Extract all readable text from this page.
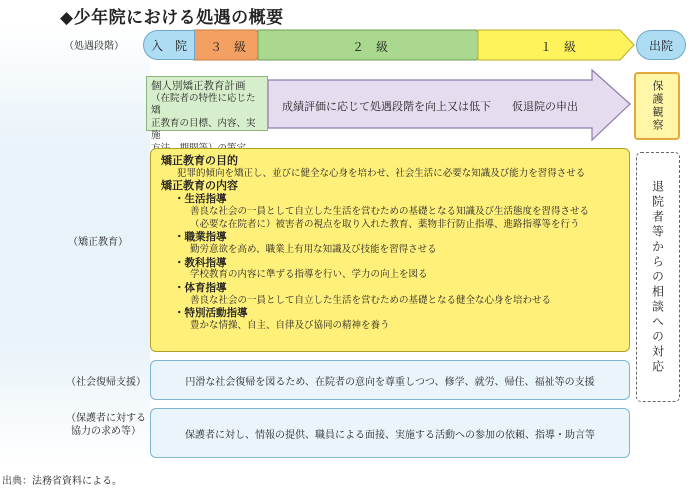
◆少年院における処遇の概要
（処遇段階）
（矯正教育）
（社会復帰支援）
（保護者に対する
協力の求め等）
入　院	３　級	２　級	１　級	出院
個人別矯正教育計画
（在院者の特性に応じた矯
正教育の目標、内容、実施
成績評価に応じて処遇段階を向上又は低下 仮退院の申出	保護観察
退院者等からの相談への対応
矯正教育の目的
犯罪的傾向を矯正し、並びに健全な心身を培わせ、社会生活に必要な知識及び能力を習得させる
矯正教育の内容
・生活指導
善良な社会の一員として自立した生活を営むための基礎となる知識及び生活態度を習得させる
（必要な在院者に）被害者の視点を取り入れた教育、薬物非行防止指導、進路指導等を行う
・職業指導
勤労意欲を高め、職業上有用な知識及び技能を習得させる
・教科指導
学校教育の内容に準ずる指導を行い、学力の向上を図る
・体育指導
善良な社会の一員として自立した生活を営むための基礎となる健全な心身を培わせる
・特別活動指導
豊かな情操、自主、自律及び協同の精神を養う
円滑な社会復帰を図るため、在院者の意向を尊重しつつ、修学、就労、帰住、福祉等の支援
保護者に対し、情報の提供、職員による面接、実施する活動への参加の依頼、指導・助言等
出典：法務省資料による。
